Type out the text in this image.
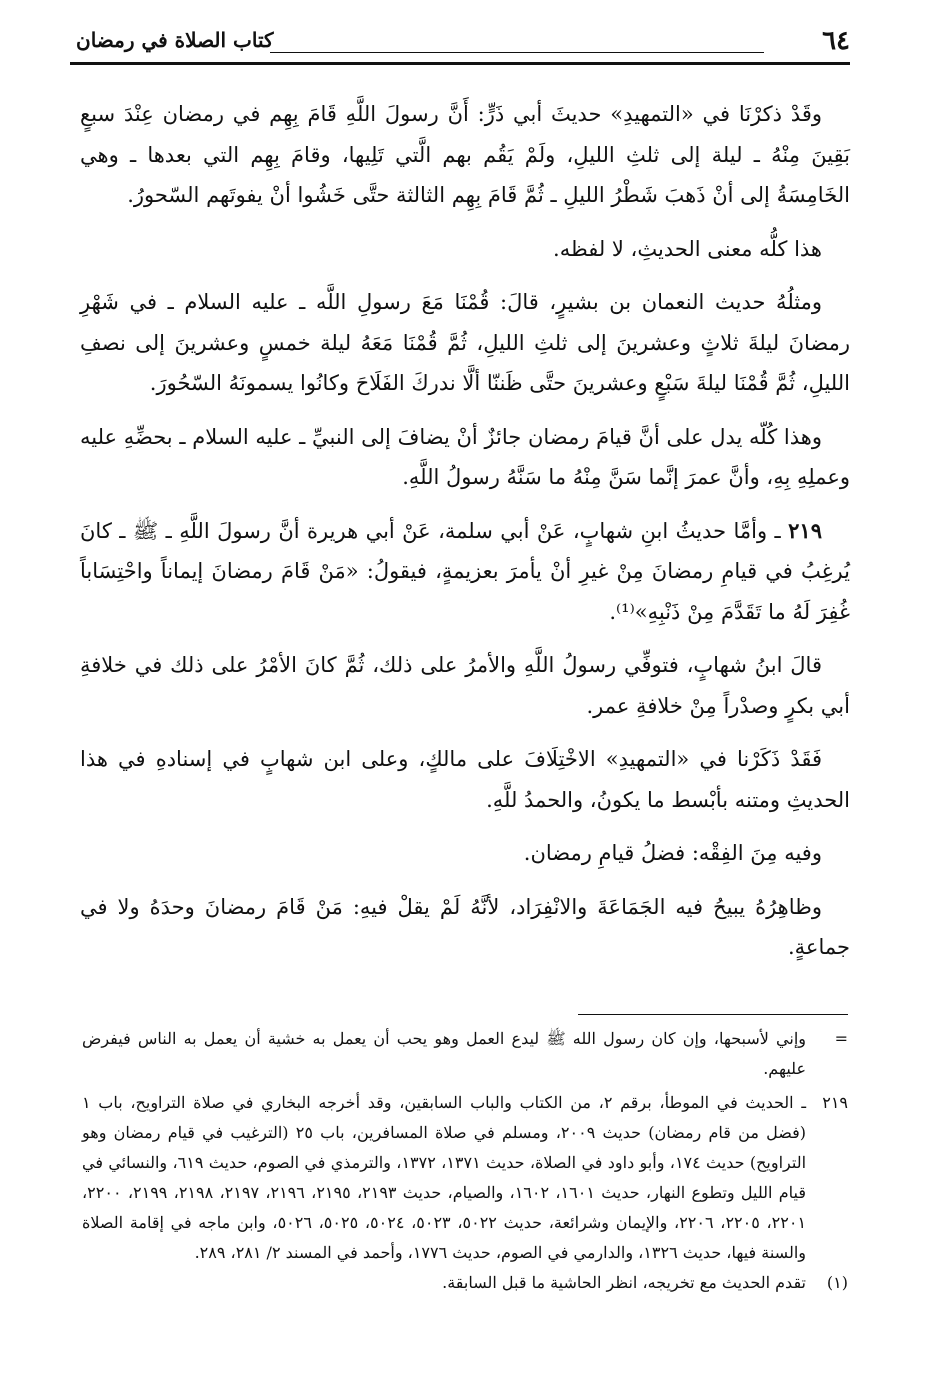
٦٤
كتاب الصلاة في رمضان

وقَدْ ذكرْنَا في «التمهيدِ» حديثَ أبي ذَرٍّ: أَنَّ رسولَ اللَّهِ قَامَ بِهِم في رمضان عِنْدَ سبعٍ بَقِينَ مِنْهُ ـ ليلة إلى ثلثِ الليلِ، ولَمْ يَقُم بهم الَّتي تَلِيها، وقامَ بِهِم التي بعدها ـ وهي الخَامِسَةُ إلى أنْ ذَهبَ شَطْرُ الليلِ ـ ثُمَّ قَامَ بِهِم الثالثة حتَّى خَشُوا أنْ يفوتَهم السّحورُ.

هذا كلُّه معنى الحديثِ، لا لفظه.

ومثلُهُ حديث النعمان بن بشيرٍ، قالَ: قُمْنَا مَعَ رسولِ اللَّه ـ عليه السلام ـ في شَهْرِ رمضانَ ليلةَ ثلاثٍ وعشرينَ إلى ثلثِ الليلِ، ثُمَّ قُمْنَا مَعَهُ ليلة خمسٍ وعشرينَ إلى نصفِ الليلِ، ثُمَّ قُمْنَا ليلةَ سَبْعٍ وعشرينَ حتَّى ظَننّا ألَّا ندركَ الفَلَاحَ وكانُوا يسمونَهُ السّحُورَ.

وهذا كُلّه يدل على أنَّ قيامَ رمضان جائزٌ أنْ يضافَ إلى النبيِّ ـ عليه السلام ـ بحضِّهِ عليه وعملِهِ بِهِ، وأنَّ عمرَ إنَّما سَنَّ مِنْهُ ما سَنَّهُ رسولُ اللَّهِ.

٢١٩ ـ وأمَّا حديثُ ابنِ شهابٍ، عَنْ أبي سلمة، عَنْ أبي هريرة أنَّ رسولَ اللَّهِ ـ ﷺ ـ كانَ يُرغِبُ في قيامِ رمضانَ مِنْ غيرِ أنْ يأمرَ بعزيمةٍ، فيقولُ: «مَنْ قَامَ رمضانَ إيماناً واحْتِسَاباً غُفِرَ لَهُ ما تَقَدَّمَ مِنْ ذَنْبِهِ»⁽¹⁾.

قالَ ابنُ شهابٍ، فتوفِّي رسولُ اللَّهِ والأمرُ على ذلك، ثُمَّ كانَ الأمْرُ على ذلك في خلافةِ أبي بكرٍ وصدْراً مِنْ خلافةِ عمر.

فَقَدْ ذَكَرْنا في «التمهيدِ» الاخْتِلَافَ على مالكٍ، وعلى ابن شهابٍ في إسنادهِ في هذا الحديثِ ومتنه بأبْسط ما يكونُ، والحمدُ للَّهِ.

وفيه مِنَ الفِقْه: فضلُ قيامِ رمضان.

وظاهِرُهُ يبيحُ فيه الجَمَاعَةَ والانْفِرَاد، لأنَّهُ لَمْ يقلْ فيهِ: مَنْ قَامَ رمضانَ وحدَهُ ولا في جماعةٍ.

=
وإني لأسبحها، وإن كان رسول الله ﷺ ليدع العمل وهو يحب أن يعمل به خشية أن يعمل به الناس فيفرض عليهم.

٢١٩
ـ الحديث في الموطأ، برقم ٢، من الكتاب والباب السابقين، وقد أخرجه البخاري في صلاة التراويح، باب ١ (فضل من قام رمضان) حديث ٢٠٠٩، ومسلم في صلاة المسافرين، باب ٢٥ (الترغيب في قيام رمضان وهو التراويح) حديث ١٧٤، وأبو داود في الصلاة، حديث ١٣٧١، ١٣٧٢، والترمذي في الصوم، حديث ٦١٩، والنسائي في قيام الليل وتطوع النهار، حديث ١٦٠١، ١٦٠٢، والصيام، حديث ٢١٩٣، ٢١٩٥، ٢١٩٦، ٢١٩٧، ٢١٩٨، ٢١٩٩، ٢٢٠٠، ٢٢٠١، ٢٢٠٥، ٢٢٠٦، والإيمان وشرائعة، حديث ٥٠٢٢، ٥٠٢٣، ٥٠٢٤، ٥٠٢٥، ٥٠٢٦، وابن ماجه في إقامة الصلاة والسنة فيها، حديث ١٣٢٦، والدارمي في الصوم، حديث ١٧٧٦، وأحمد في المسند ٢/ ٢٨١، ٢٨٩.

(١)
تقدم الحديث مع تخريجه، انظر الحاشية ما قبل السابقة.
